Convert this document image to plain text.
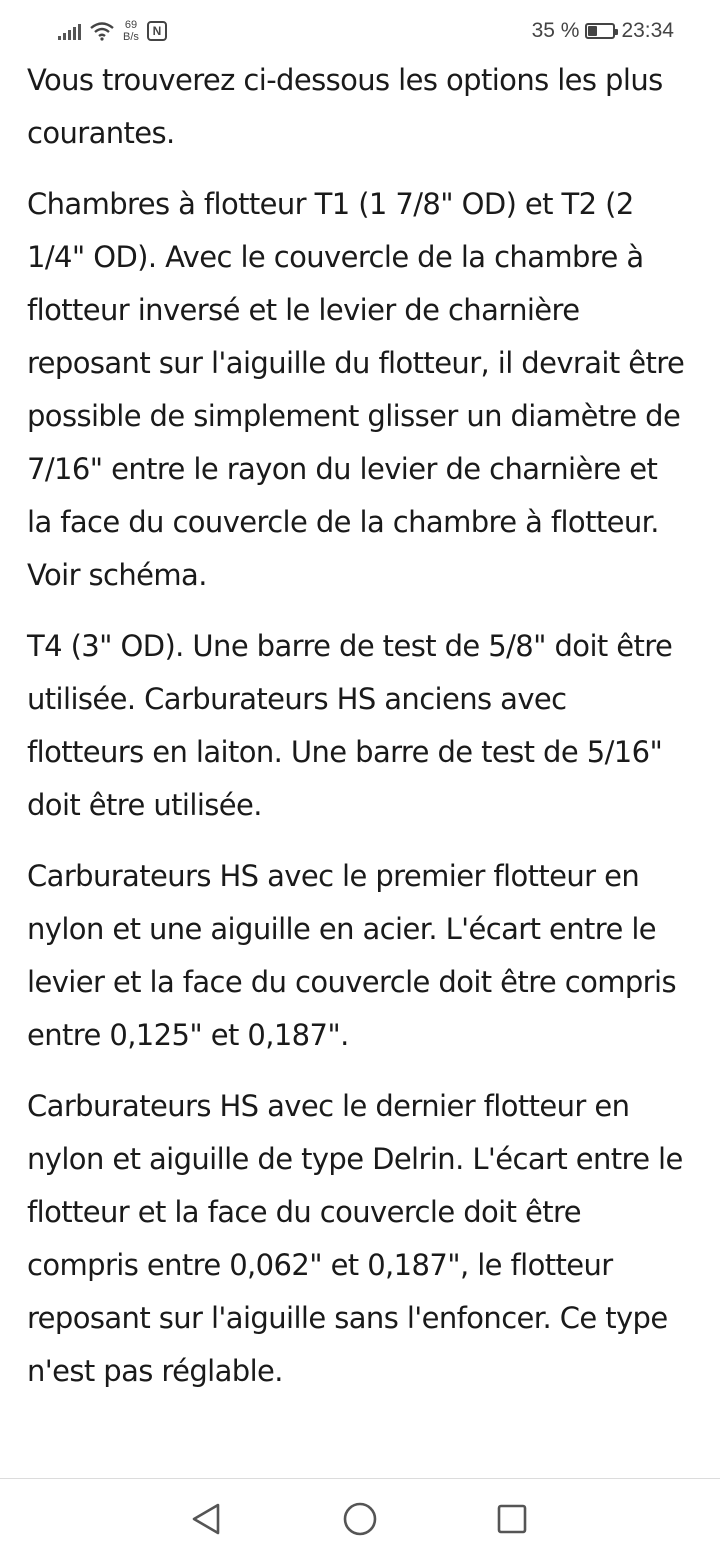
69
B/s	N	35 % 23:34

Vous trouverez ci-dessous les options les plus courantes.

Chambres à flotteur T1 (1 7/8" OD) et T2 (2 1/4" OD). Avec le couvercle de la chambre à flotteur inversé et le levier de charnière reposant sur l'aiguille du flotteur, il devrait être possible de simplement glisser un diamètre de 7/16" entre le rayon du levier de charnière et la face du couvercle de la chambre à flotteur. Voir schéma.

T4 (3" OD). Une barre de test de 5/8" doit être utilisée. Carburateurs HS anciens avec flotteurs en laiton. Une barre de test de 5/16" doit être utilisée.

Carburateurs HS avec le premier flotteur en nylon et une aiguille en acier. L'écart entre le levier et la face du couvercle doit être compris entre 0,125" et 0,187".

Carburateurs HS avec le dernier flotteur en nylon et aiguille de type Delrin. L'écart entre le flotteur et la face du couvercle doit être compris entre 0,062" et 0,187", le flotteur reposant sur l'aiguille sans l'enfoncer. Ce type n'est pas réglable.
